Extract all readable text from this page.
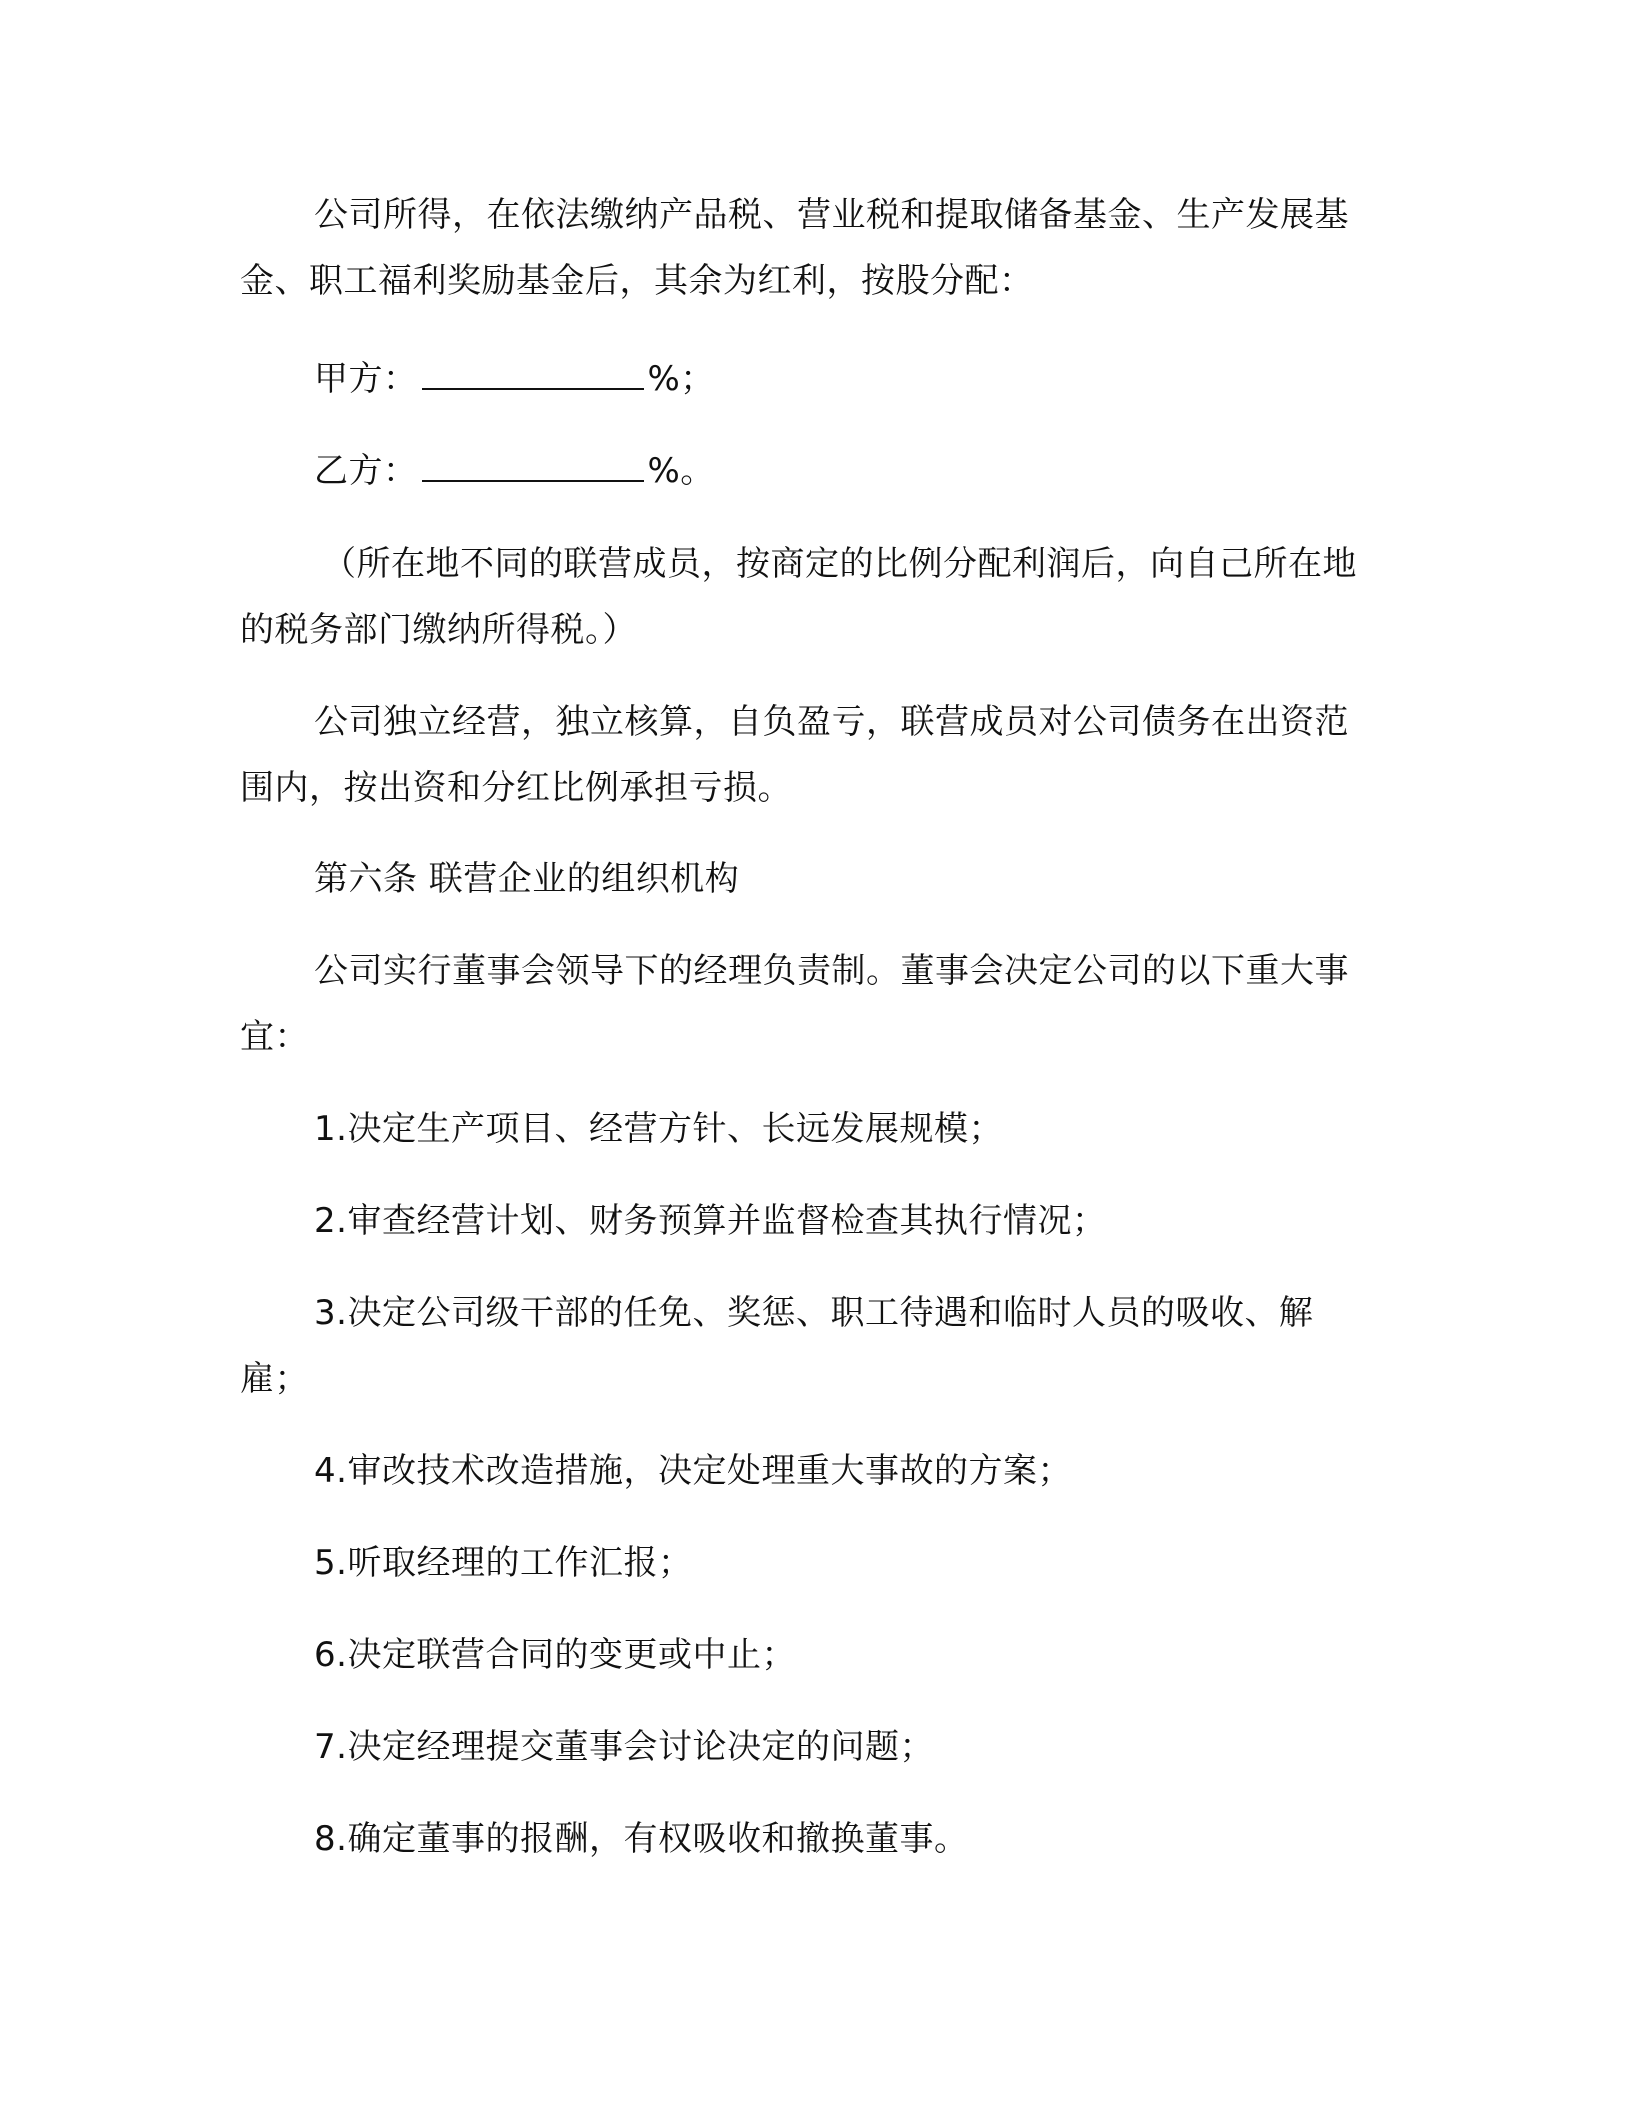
公司所得，在依法缴纳产品税、营业税和提取储备基金、生产发展基金、职工福利奖励基金后，其余为红利，按股分配：

甲方：	%；
乙方：	%。

（所在地不同的联营成员，按商定的比例分配利润后，向自己所在地的税务部门缴纳所得税。）

公司独立经营，独立核算，自负盈亏，联营成员对公司债务在出资范围内，按出资和分红比例承担亏损。

第六条 联营企业的组织机构

公司实行董事会领导下的经理负责制。董事会决定公司的以下重大事宜：

1.决定生产项目、经营方针、长远发展规模；

2.审查经营计划、财务预算并监督检查其执行情况；

3.决定公司级干部的任免、奖惩、职工待遇和临时人员的吸收、解雇；

4.审改技术改造措施，决定处理重大事故的方案；

5.听取经理的工作汇报；

6.决定联营合同的变更或中止；

7.决定经理提交董事会讨论决定的问题；

8.确定董事的报酬，有权吸收和撤换董事。
